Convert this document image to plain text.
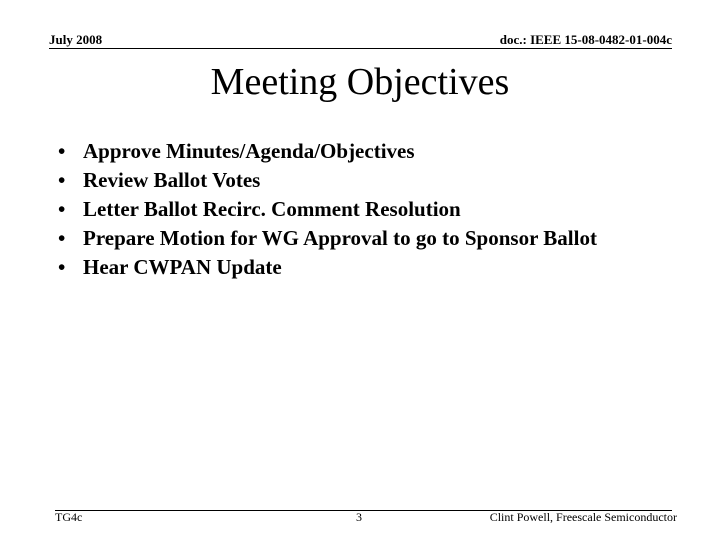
July 2008	doc.: IEEE 15-08-0482-01-004c
Meeting Objectives
• Approve Minutes/Agenda/Objectives
• Review Ballot Votes
• Letter Ballot Recirc. Comment Resolution
• Prepare Motion for WG Approval to go to Sponsor Ballot
• Hear CWPAN Update
TG4c	3	Clint Powell, Freescale Semiconductor
